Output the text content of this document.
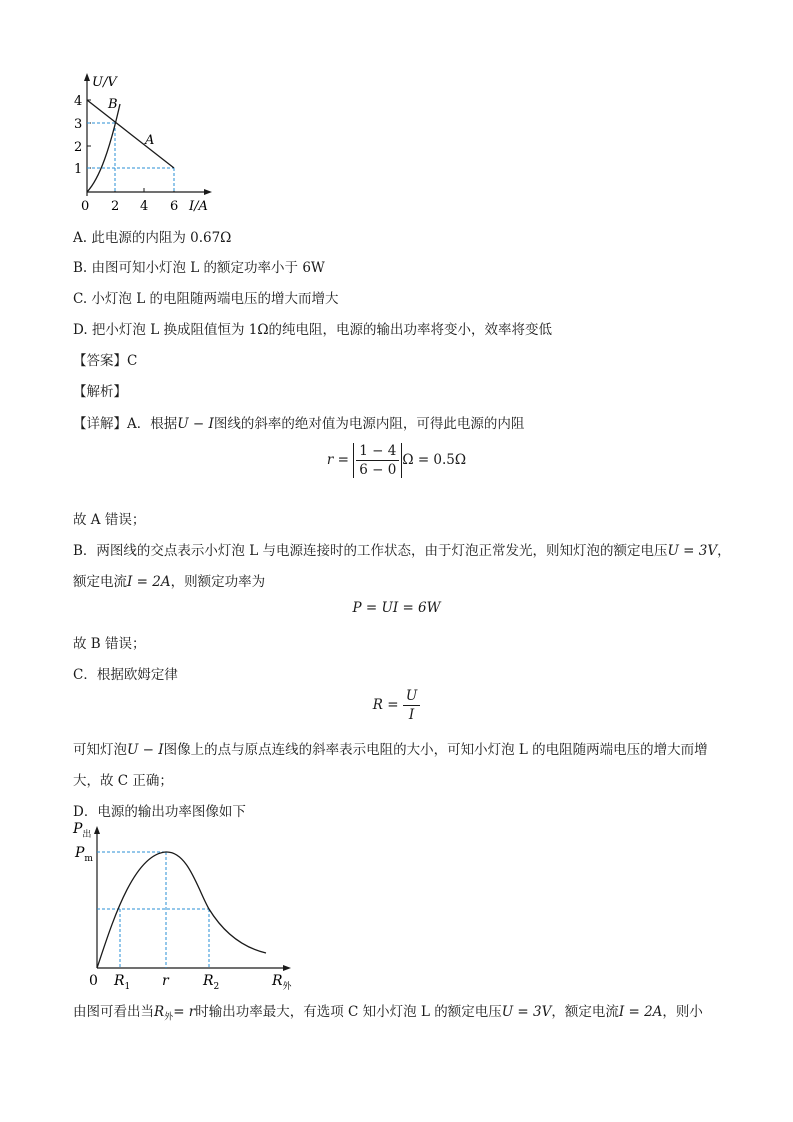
U/V
I/A
0
1
2
3
4
2 4 6
B
A
A. 此电源的内阻为 0.67Ω
B. 由图可知小灯泡 L 的额定功率小于 6W
C. 小灯泡 L 的电阻随两端电压的增大而增大
D. 把小灯泡 L 换成阻值恒为 1Ω的纯电阻，电源的输出功率将变小，效率将变低
【答案】C
【解析】
【详解】A．根据U − I图线的斜率的绝对值为电源内阻，可得此电源的内阻
$r = \frac{1 - 4}{6 - 0}$ Ω = 0.5Ω
故 A 错误；
B．两图线的交点表示小灯泡 L 与电源连接时的工作状态，由于灯泡正常发光，则知灯泡的额定电压U = 3V，
额定电流I = 2A，则额定功率为
P = UI = 6W
故 B 错误；
C．根据欧姆定律
$R = \frac{U}{I}$
可知灯泡U − I图像上的点与原点连线的斜率表示电阻的大小，可知小灯泡 L 的电阻随两端电压的增大而增
大，故 C 正确；
D．电源的输出功率图像如下
$P_出$
$P_m$
0 $R_1$ r $R_2$	$R_外$
由图可看出当$R_外= r$时输出功率最大，有选项 C 知小灯泡 L 的额定电压U = 3V，额定电流I = 2A，则小
